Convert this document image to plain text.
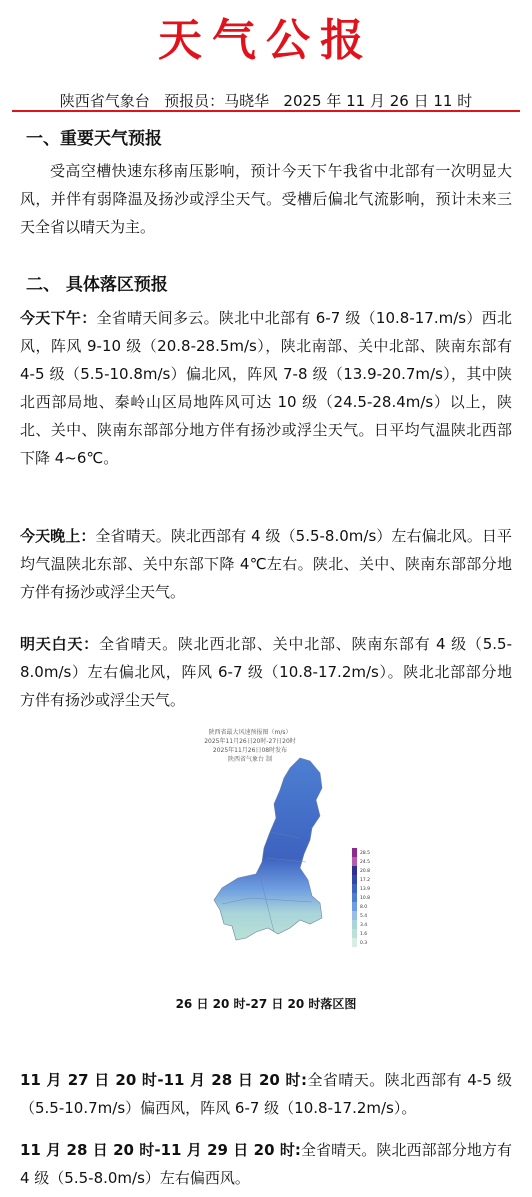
天气公报
陕西省气象台 预报员：马晓华 2025 年 11 月 26 日 11 时
一、重要天气预报
受高空槽快速东移南压影响，预计今天下午我省中北部有一次明显大风，并伴有弱降温及扬沙或浮尘天气。受槽后偏北气流影响，预计未来三天全省以晴天为主。
二、 具体落区预报
今天下午：全省晴天间多云。陕北中北部有 6-7 级（10.8-17.m/s）西北风，阵风 9-10 级（20.8-28.5m/s），陕北南部、关中北部、陕南东部有 4-5 级（5.5-10.8m/s）偏北风，阵风 7-8 级（13.9-20.7m/s），其中陕北西部局地、秦岭山区局地阵风可达 10 级（24.5-28.4m/s）以上，陕北、关中、陕南东部部分地方伴有扬沙或浮尘天气。日平均气温陕北西部下降 4~6℃。
今天晚上：全省晴天。陕北西部有 4 级（5.5-8.0m/s）左右偏北风。日平均气温陕北东部、关中东部下降 4℃左右。陕北、关中、陕南东部部分地方伴有扬沙或浮尘天气。
明天白天：全省晴天。陕北西北部、关中北部、陕南东部有 4 级（5.5-8.0m/s）左右偏北风，阵风 6-7 级（10.8-17.2m/s）。陕北北部部分地方伴有扬沙或浮尘天气。
陕西省最大风速预报图（m/s）
2025年11月26日20时-27日20时
2025年11月26日08时发布
陕西省气象台 制
28.5
24.5
20.8
17.2
13.9
10.8
8.0
5.4
3.4
1.6
0.3
26 日 20 时-27 日 20 时落区图
11 月 27 日 20 时-11 月 28 日 20 时:全省晴天。陕北西部有 4-5 级（5.5-10.7m/s）偏西风，阵风 6-7 级（10.8-17.2m/s）。
11 月 28 日 20 时-11 月 29 日 20 时:全省晴天。陕北西部部分地方有 4 级（5.5-8.0m/s）左右偏西风。
